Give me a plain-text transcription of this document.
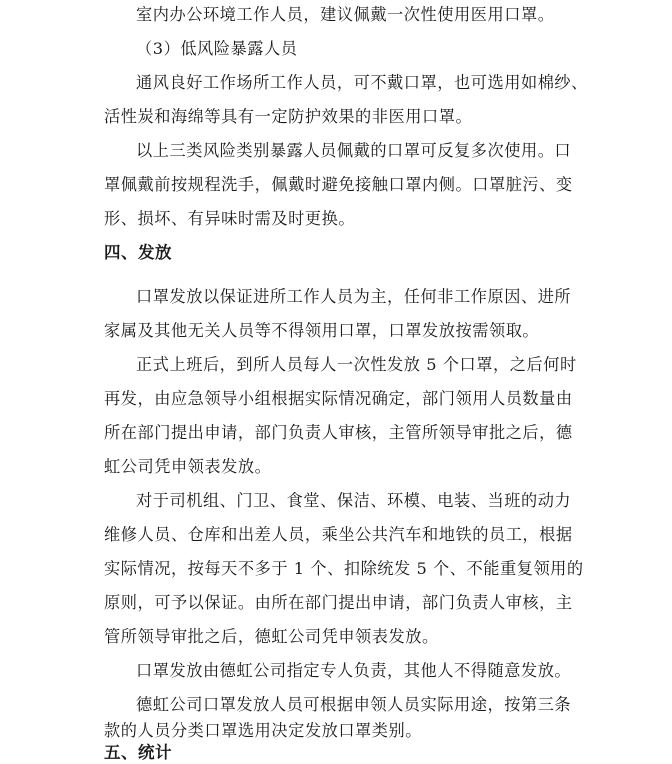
室内办公环境工作人员，建议佩戴一次性使用医用口罩。
（3）低风险暴露人员
通风良好工作场所工作人员，可不戴口罩，也可选用如棉纱、
活性炭和海绵等具有一定防护效果的非医用口罩。
以上三类风险类别暴露人员佩戴的口罩可反复多次使用。口
罩佩戴前按规程洗手，佩戴时避免接触口罩内侧。口罩脏污、变
形、损坏、有异味时需及时更换。
四、发放
口罩发放以保证进所工作人员为主，任何非工作原因、进所
家属及其他无关人员等不得领用口罩，口罩发放按需领取。
正式上班后，到所人员每人一次性发放 5 个口罩，之后何时
再发，由应急领导小组根据实际情况确定，部门领用人员数量由
所在部门提出申请，部门负责人审核，主管所领导审批之后，德
虹公司凭申领表发放。
对于司机组、门卫、食堂、保洁、环模、电装、当班的动力
维修人员、仓库和出差人员，乘坐公共汽车和地铁的员工，根据
实际情况，按每天不多于 1 个、扣除统发 5 个、不能重复领用的
原则，可予以保证。由所在部门提出申请，部门负责人审核，主
管所领导审批之后，德虹公司凭申领表发放。
口罩发放由德虹公司指定专人负责，其他人不得随意发放。
德虹公司口罩发放人员可根据申领人员实际用途，按第三条
款的人员分类口罩选用决定发放口罩类别。
五、统计
